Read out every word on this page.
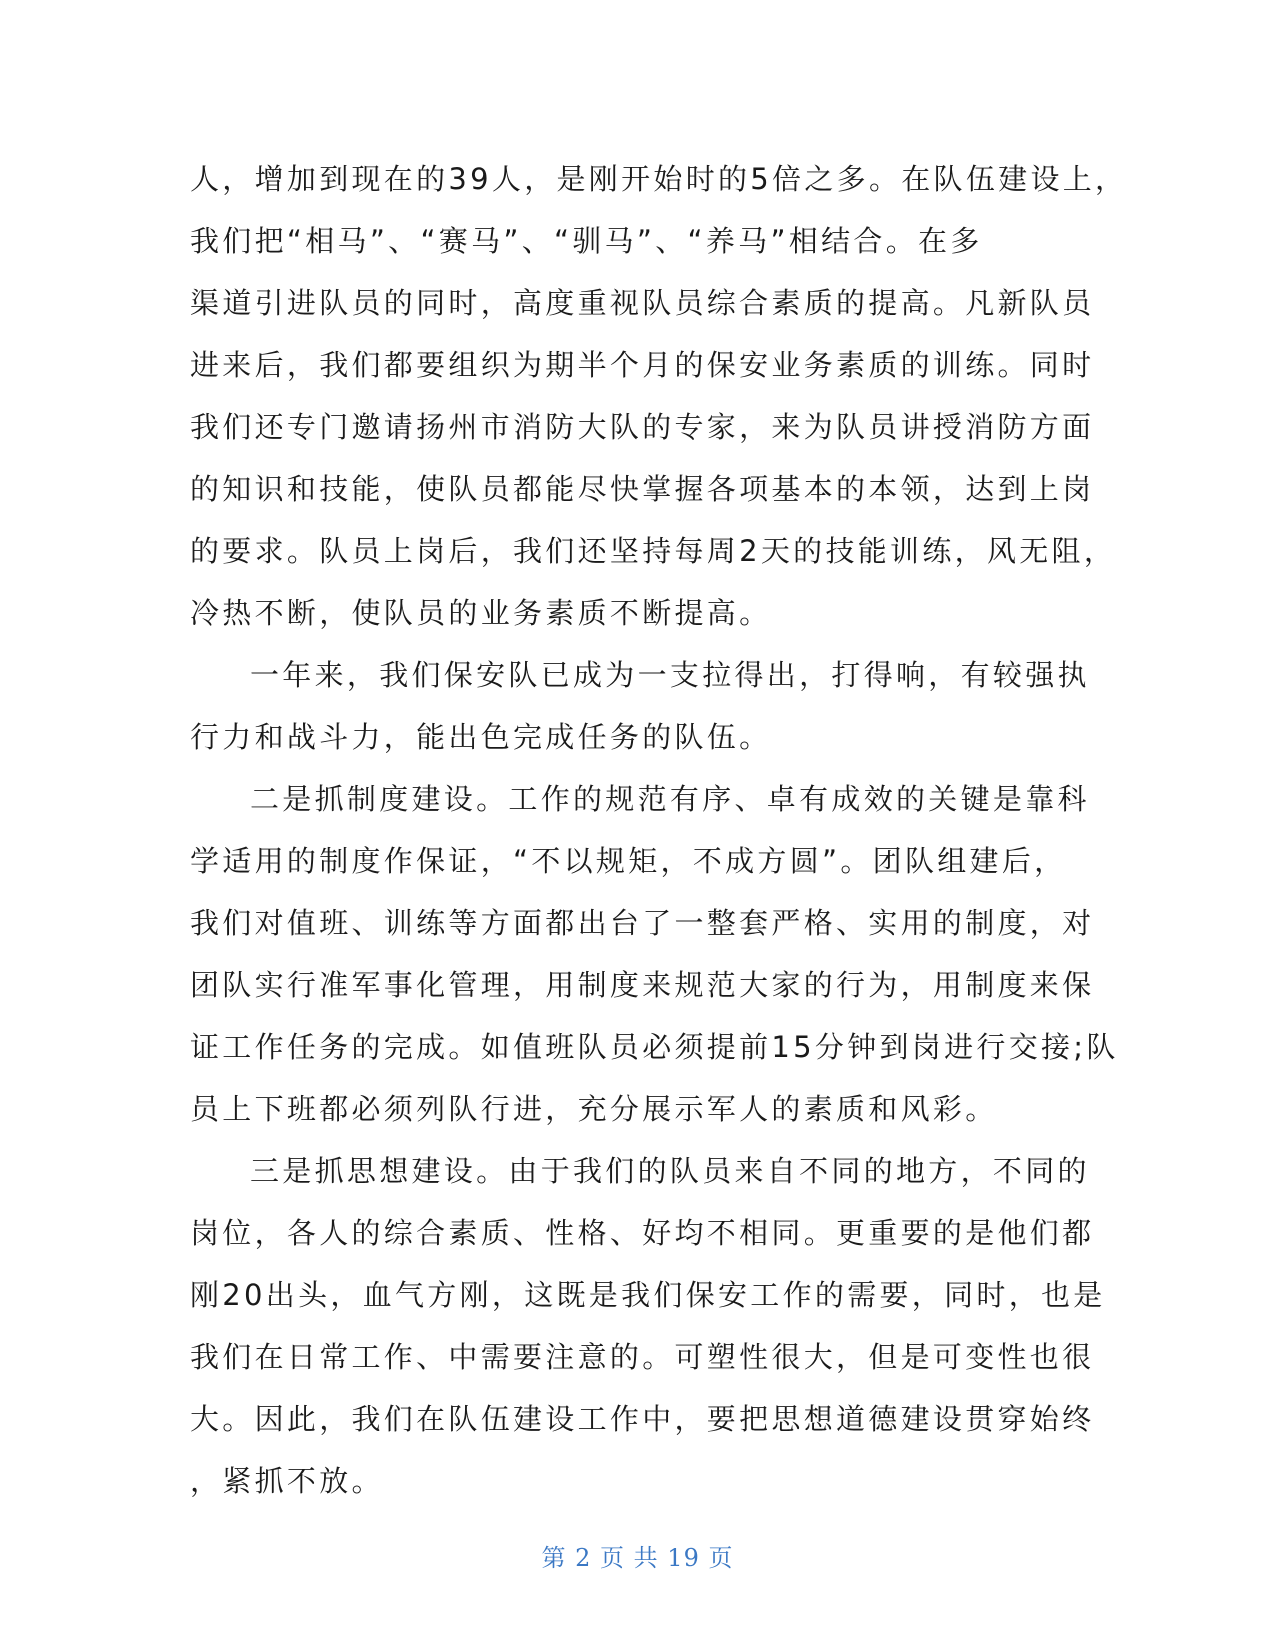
人，增加到现在的39人，是刚开始时的5倍之多。在队伍建设上，
我们把“相马”、“赛马”、“驯马”、“养马”相结合。在多
渠道引进队员的同时，高度重视队员综合素质的提高。凡新队员
进来后，我们都要组织为期半个月的保安业务素质的训练。同时
我们还专门邀请扬州市消防大队的专家，来为队员讲授消防方面
的知识和技能，使队员都能尽快掌握各项基本的本领，达到上岗
的要求。队员上岗后，我们还坚持每周2天的技能训练，风无阻，
冷热不断，使队员的业务素质不断提高。
一年来，我们保安队已成为一支拉得出，打得响，有较强执
行力和战斗力，能出色完成任务的队伍。
二是抓制度建设。工作的规范有序、卓有成效的关键是靠科
学适用的制度作保证，“不以规矩，不成方圆”。团队组建后，
我们对值班、训练等方面都出台了一整套严格、实用的制度，对
团队实行准军事化管理，用制度来规范大家的行为，用制度来保
证工作任务的完成。如值班队员必须提前15分钟到岗进行交接;队
员上下班都必须列队行进，充分展示军人的素质和风彩。
三是抓思想建设。由于我们的队员来自不同的地方，不同的
岗位，各人的综合素质、性格、好均不相同。更重要的是他们都
刚20出头，血气方刚，这既是我们保安工作的需要，同时，也是
我们在日常工作、中需要注意的。可塑性很大，但是可变性也很
大。因此，我们在队伍建设工作中，要把思想道德建设贯穿始终
，紧抓不放。
第 2 页 共 19 页
